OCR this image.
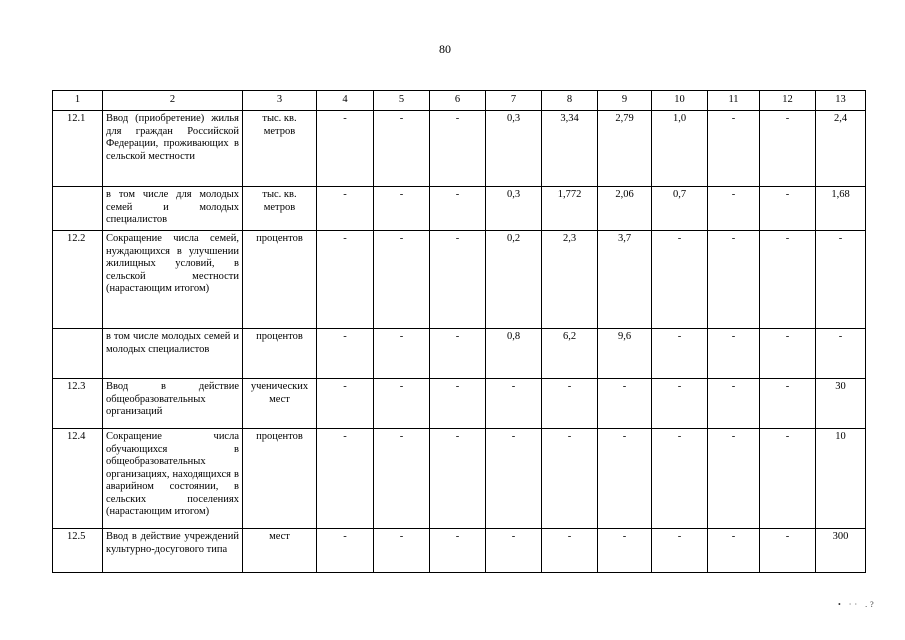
80
1	2	3	4	5	6	7	8	9	10	11	12	13
12.1	Ввод (приобретение) жилья для граждан Российской Федерации, проживающих в сельской местности	тыс. кв. метров	-	-	-	0,3	3,34	2,79	1,0	-	-	2,4
	в том числе для молодых семей и молодых специалистов	тыс. кв. метров	-	-	-	0,3	1,772	2,06	0,7	-	-	1,68
12.2	Сокращение числа семей, нуждающихся в улучшении жилищных условий, в сельской местности (нарастающим итогом)	процентов	-	-	-	0,2	2,3	3,7	-	-	-	-
	в том числе молодых семей и молодых специалистов	процентов	-	-	-	0,8	6,2	9,6	-	-	-	-
12.3	Ввод в действие общеобразовательных организаций	ученических мест	-	-	-	-	-	-	-	-	-	30
12.4	Сокращение числа обучающихся в общеобразовательных организациях, находящихся в аварийном состоянии, в сельских поселениях (нарастающим итогом)	процентов	-	-	-	-	-	-	-	-	-	10
12.5	Ввод в действие учреждений культурно-досугового типа	мест	-	-	-	-	-	-	-	-	-	300
• ·· .?
